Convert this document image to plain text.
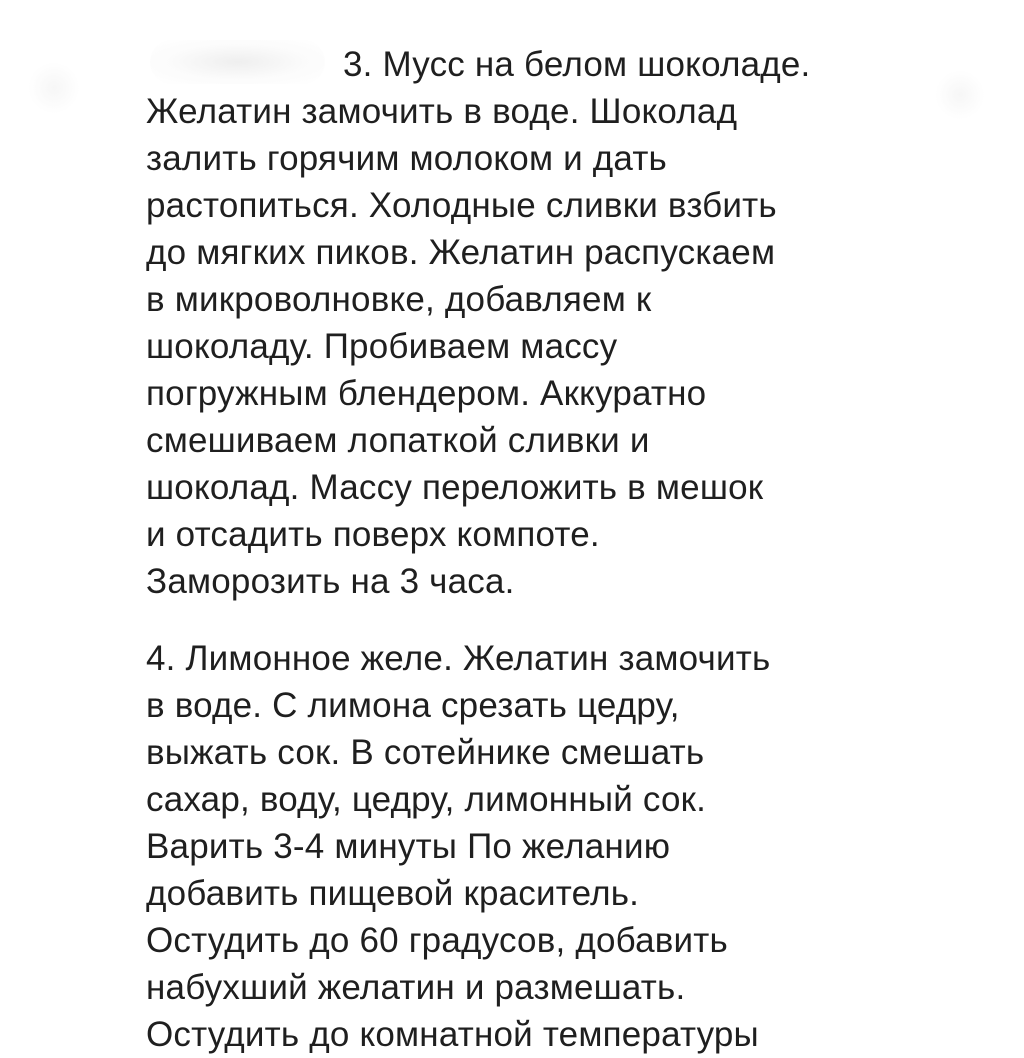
3. Мусс на белом шоколаде.

Желатин замочить в воде. Шоколад

залить горячим молоком и дать

растопиться. Холодные сливки взбить

до мягких пиков. Желатин распускаем

в микроволновке, добавляем к

шоколаду. Пробиваем массу

погружным блендером. Аккуратно

смешиваем лопаткой сливки и

шоколад. Массу переложить в мешок

и отсадить поверх компоте.

Заморозить на 3 часа.

4. Лимонное желе. Желатин замочить

в воде. С лимона срезать цедру,

выжать сок. В сотейнике смешать

сахар, воду, цедру, лимонный сок.

Варить 3-4 минуты По желанию

добавить пищевой краситель.

Остудить до 60 градусов, добавить

набухший желатин и размешать.

Остудить до комнатной температуры
